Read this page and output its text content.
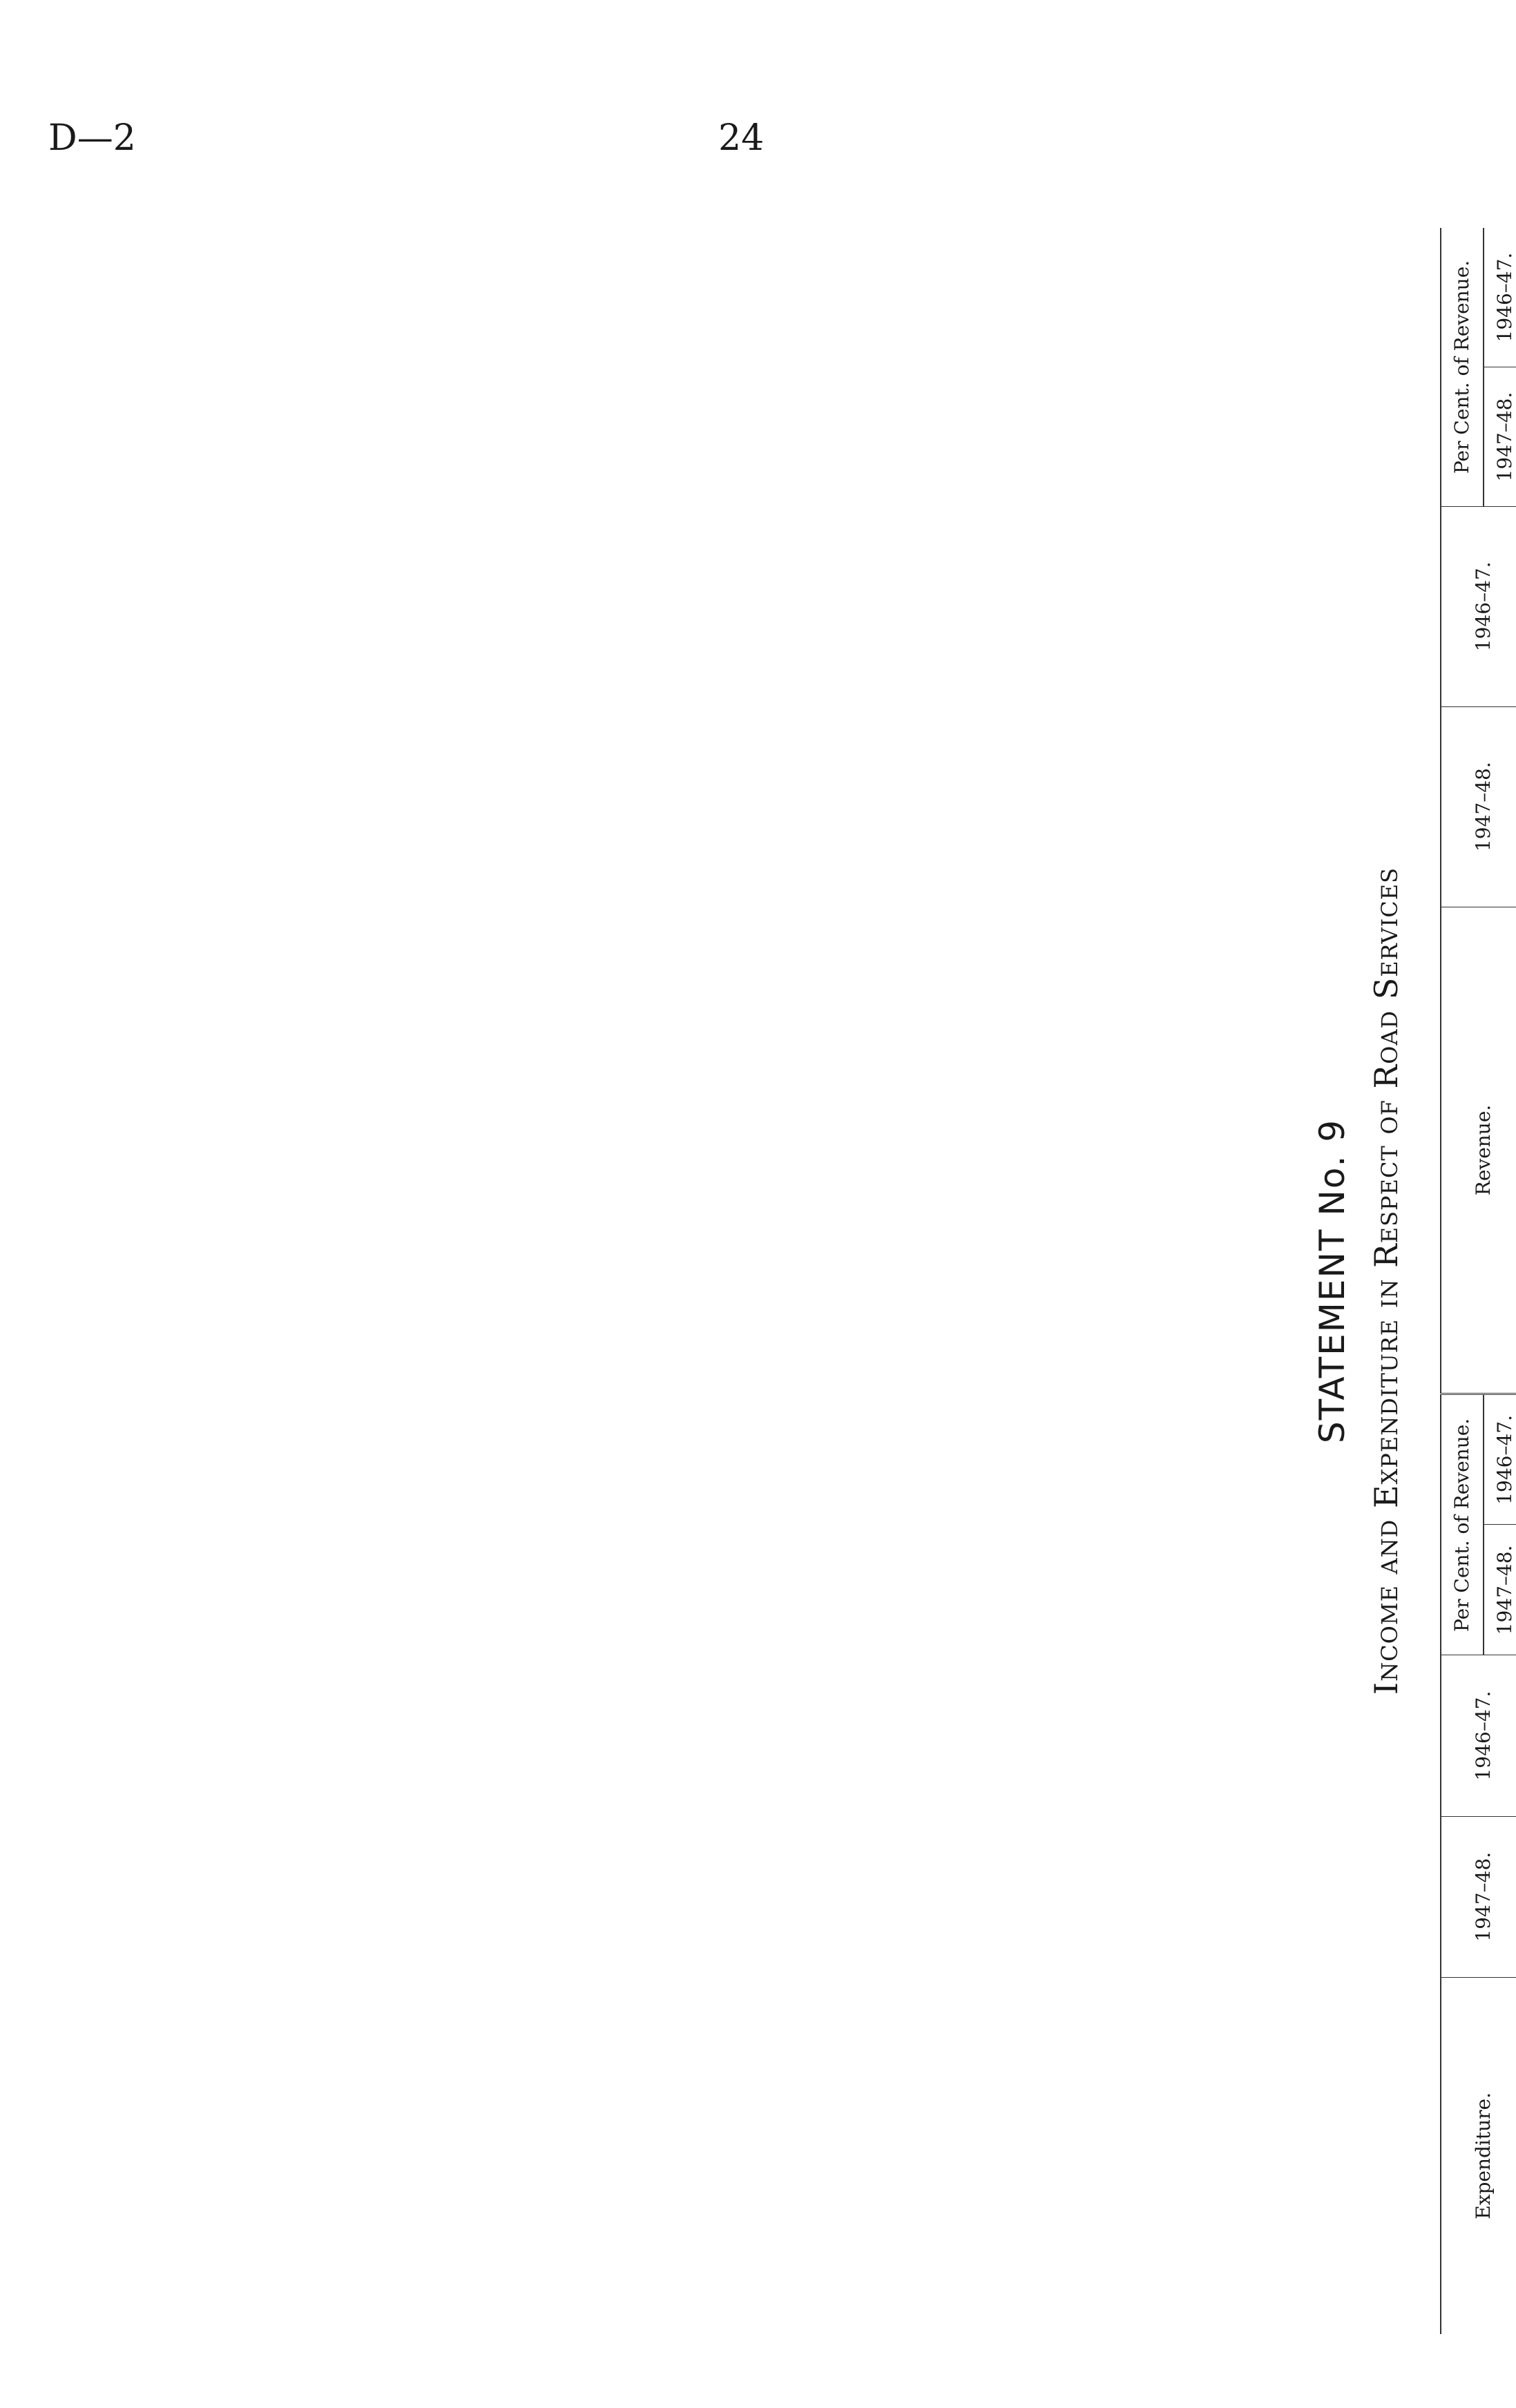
D—2	24
STATEMENT No. 9 Income and Expenditure in Respect of Road Services
Expenditure.	1947–48.	1946–47.	Per Cent. of Revenue.		Revenue.	1947–48.	1946–47.	Per Cent. of Revenue.	
			1947–48.	1946–47.				1947–48.	1946–47.
